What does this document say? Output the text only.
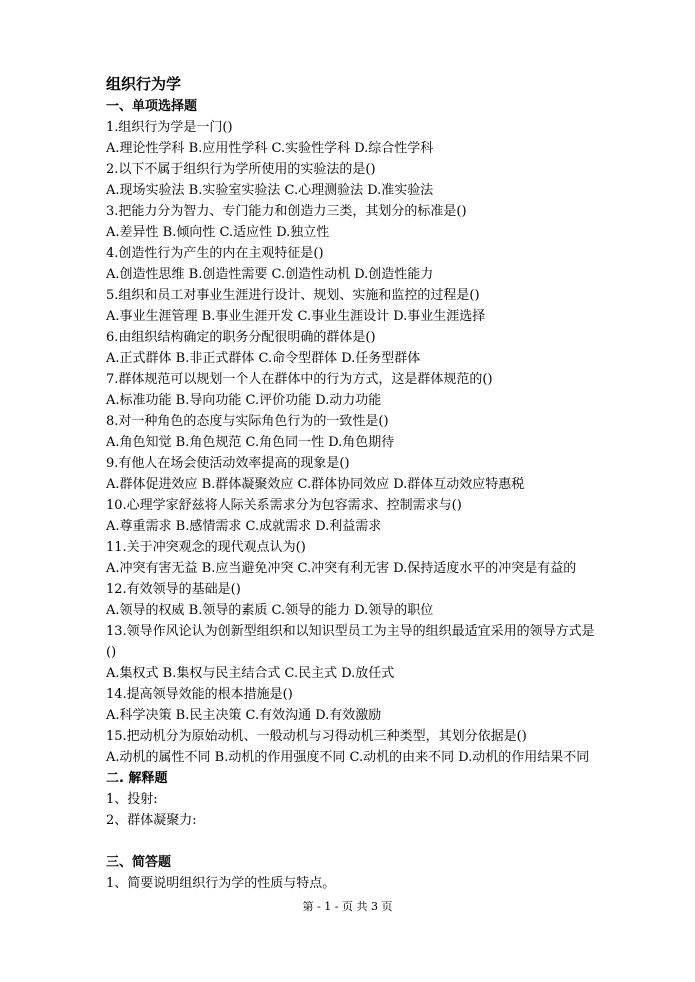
组织行为学
一、单项选择题
1.组织行为学是一门()
A.理论性学科 B.应用性学科 C.实验性学科 D.综合性学科
2.以下不属于组织行为学所使用的实验法的是()
A.现场实验法 B.实验室实验法 C.心理测验法 D.准实验法
3.把能力分为智力、专门能力和创造力三类，其划分的标准是()
A.差异性 B.倾向性 C.适应性 D.独立性
4.创造性行为产生的内在主观特征是()
A.创造性思维 B.创造性需要 C.创造性动机 D.创造性能力
5.组织和员工对事业生涯进行设计、规划、实施和监控的过程是()
A.事业生涯管理 B.事业生涯开发 C.事业生涯设计 D.事业生涯选择
6.由组织结构确定的职务分配很明确的群体是()
A.正式群体 B.非正式群体 C.命令型群体 D.任务型群体
7.群体规范可以规划一个人在群体中的行为方式，这是群体规范的()
A.标准功能 B.导向功能 C.评价功能 D.动力功能
8.对一种角色的态度与实际角色行为的一致性是()
A.角色知觉 B.角色规范 C.角色同一性 D.角色期待
9.有他人在场会使活动效率提高的现象是()
A.群体促进效应 B.群体凝聚效应 C.群体协同效应 D.群体互动效应特惠税
10.心理学家舒兹将人际关系需求分为包容需求、控制需求与()
A.尊重需求 B.感情需求 C.成就需求 D.利益需求
11.关于冲突观念的现代观点认为()
A.冲突有害无益 B.应当避免冲突 C.冲突有利无害 D.保持适度水平的冲突是有益的
12.有效领导的基础是()
A.领导的权威 B.领导的素质 C.领导的能力 D.领导的职位
13.领导作风论认为创新型组织和以知识型员工为主导的组织最适宜采用的领导方式是
()
A.集权式 B.集权与民主结合式 C.民主式 D.放任式
14.提高领导效能的根本措施是()
A.科学决策 B.民主决策 C.有效沟通 D.有效激励
15.把动机分为原始动机、一般动机与习得动机三种类型，其划分依据是()
A.动机的属性不同 B.动机的作用强度不同 C.动机的由来不同 D.动机的作用结果不同
二. 解释题
1、投射:
2、群体凝聚力:
三、简答题
1、简要说明组织行为学的性质与特点。
第 - 1 - 页 共 3 页
